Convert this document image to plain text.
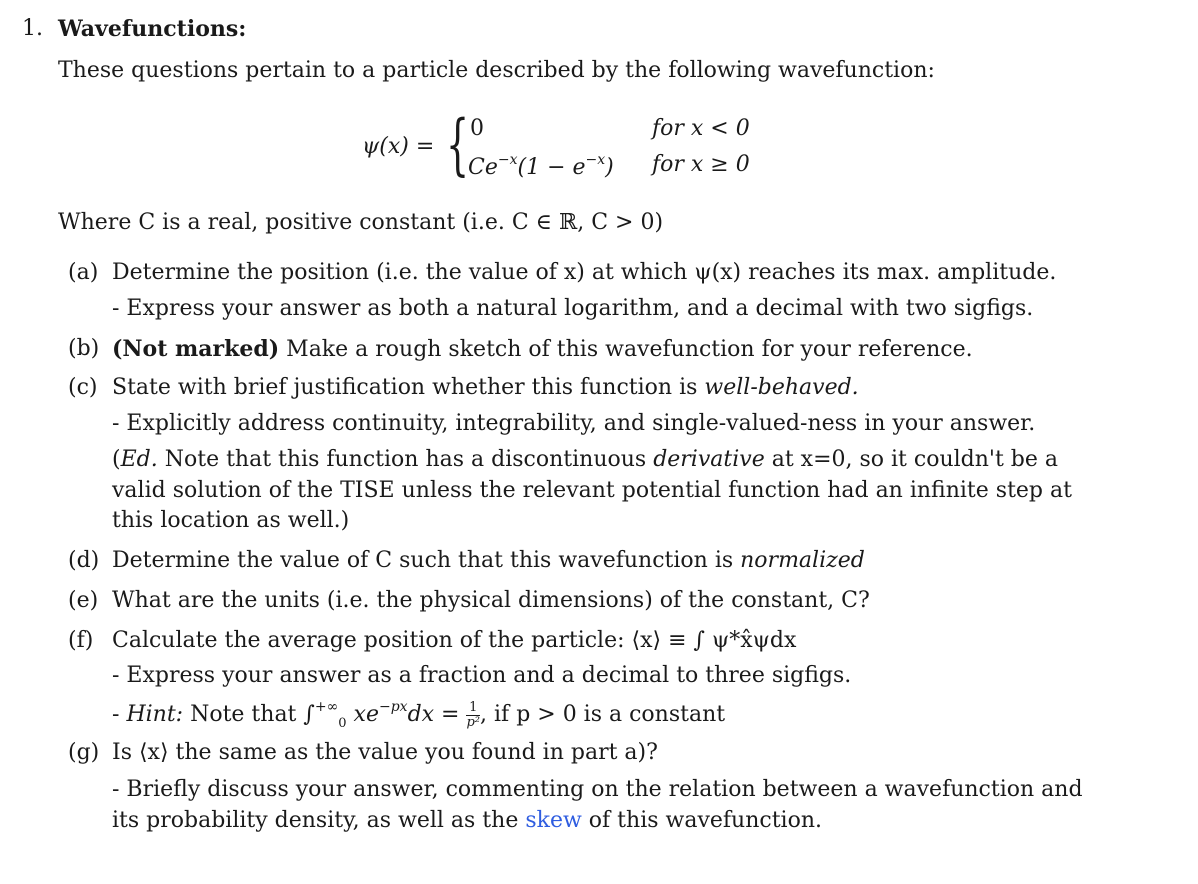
1. Wavefunctions:
These questions pertain to a particle described by the following wavefunction:
ψ(x) = { 0	for x < 0
$Ce^{-x}(1 - e^{-x})$ for x ≥ 0
Where C is a real, positive constant (i.e. C ∈ ℝ, C > 0)
(a) Determine the position (i.e. the value of x) at which ψ(x) reaches its max. amplitude.
- Express your answer as both a natural logarithm, and a decimal with two sigfigs.
(b) (Not marked) Make a rough sketch of this wavefunction for your reference.
(c) State with brief justification whether this function is well-behaved.
- Explicitly address continuity, integrability, and single-valued-ness in your answer.
(Ed. Note that this function has a discontinuous derivative at x=0, so it couldn't be a
valid solution of the TISE unless the relevant potential function had an infinite step at
this location as well.)
(d) Determine the value of C such that this wavefunction is normalized
(e) What are the units (i.e. the physical dimensions) of the constant, C?
(f) Calculate the average position of the particle: ⟨x⟩ ≡ ∫ ψ*x̂ψdx
- Express your answer as a fraction and a decimal to three sigfigs.
- Hint: Note that $\int^{+\infty}_0$ $xe^{-px}dx = \frac{1}{\text{p²}}$ , if p > 0 is a constant
(g) Is ⟨x⟩ the same as the value you found in part a)?
- Briefly discuss your answer, commenting on the relation between a wavefunction and
its probability density, as well as the skew of this wavefunction.
